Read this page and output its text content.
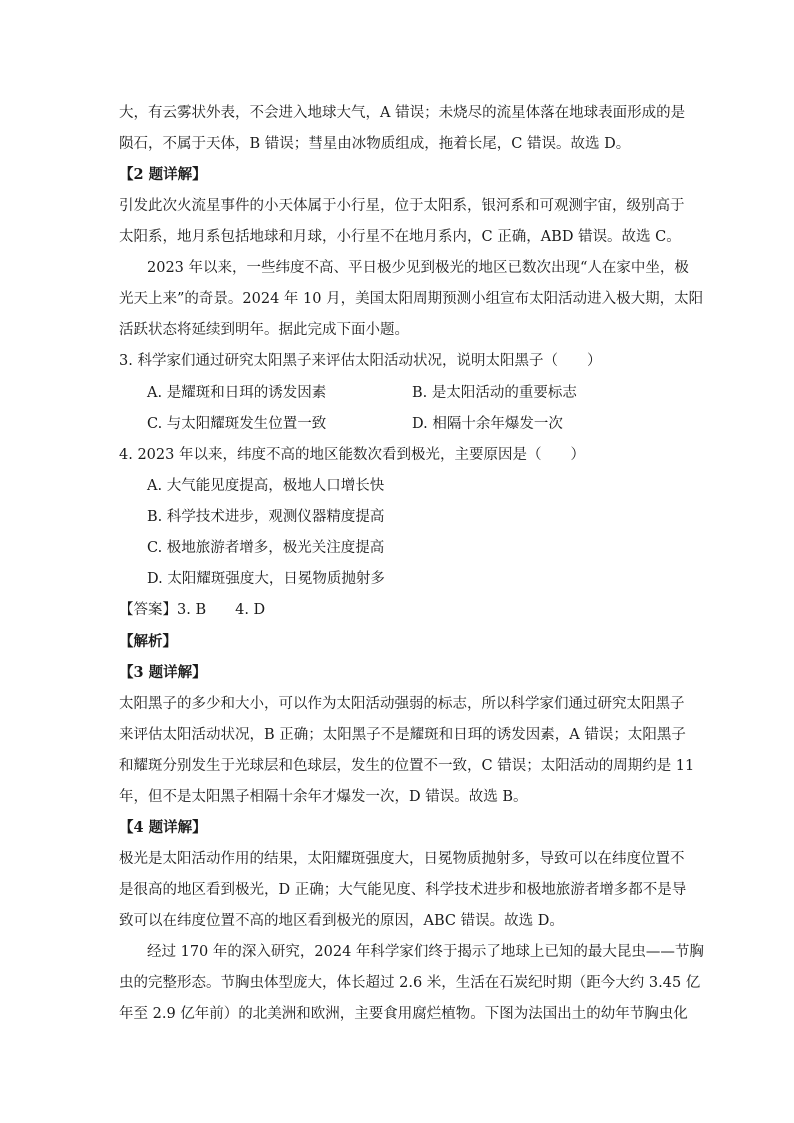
大，有云雾状外表，不会进入地球大气，A 错误；未烧尽的流星体落在地球表面形成的是
陨石，不属于天体，B 错误；彗星由冰物质组成，拖着长尾，C 错误。故选 D。
【2 题详解】
引发此次火流星事件的小天体属于小行星，位于太阳系，银河系和可观测宇宙，级别高于
太阳系，地月系包括地球和月球，小行星不在地月系内，C 正确，ABD 错误。故选 C。
2023 年以来，一些纬度不高、平日极少见到极光的地区已数次出现“人在家中坐，极
光天上来”的奇景。2024 年 10 月，美国太阳周期预测小组宣布太阳活动进入极大期，太阳
活跃状态将延续到明年。据此完成下面小题。
3. 科学家们通过研究太阳黑子来评估太阳活动状况，说明太阳黑子（　　）
A. 是耀斑和日珥的诱发因素	B. 是太阳活动的重要标志
C. 与太阳耀斑发生位置一致	D. 相隔十余年爆发一次
4. 2023 年以来，纬度不高的地区能数次看到极光，主要原因是（　　）
A. 大气能见度提高，极地人口增长快
B. 科学技术进步，观测仪器精度提高
C. 极地旅游者增多，极光关注度提高
D. 太阳耀斑强度大，日冕物质抛射多
【答案】3. B　　4. D
【解析】
【3 题详解】
太阳黑子的多少和大小，可以作为太阳活动强弱的标志，所以科学家们通过研究太阳黑子
来评估太阳活动状况，B 正确；太阳黑子不是耀斑和日珥的诱发因素，A 错误；太阳黑子
和耀斑分别发生于光球层和色球层，发生的位置不一致，C 错误；太阳活动的周期约是 11
年，但不是太阳黑子相隔十余年才爆发一次，D 错误。故选 B。
【4 题详解】
极光是太阳活动作用的结果，太阳耀斑强度大，日冕物质抛射多，导致可以在纬度位置不
是很高的地区看到极光，D 正确；大气能见度、科学技术进步和极地旅游者增多都不是导
致可以在纬度位置不高的地区看到极光的原因，ABC 错误。故选 D。
经过 170 年的深入研究，2024 年科学家们终于揭示了地球上已知的最大昆虫——节胸
虫的完整形态。节胸虫体型庞大，体长超过 2.6 米，生活在石炭纪时期（距今大约 3.45 亿
年至 2.9 亿年前）的北美洲和欧洲，主要食用腐烂植物。下图为法国出土的幼年节胸虫化
